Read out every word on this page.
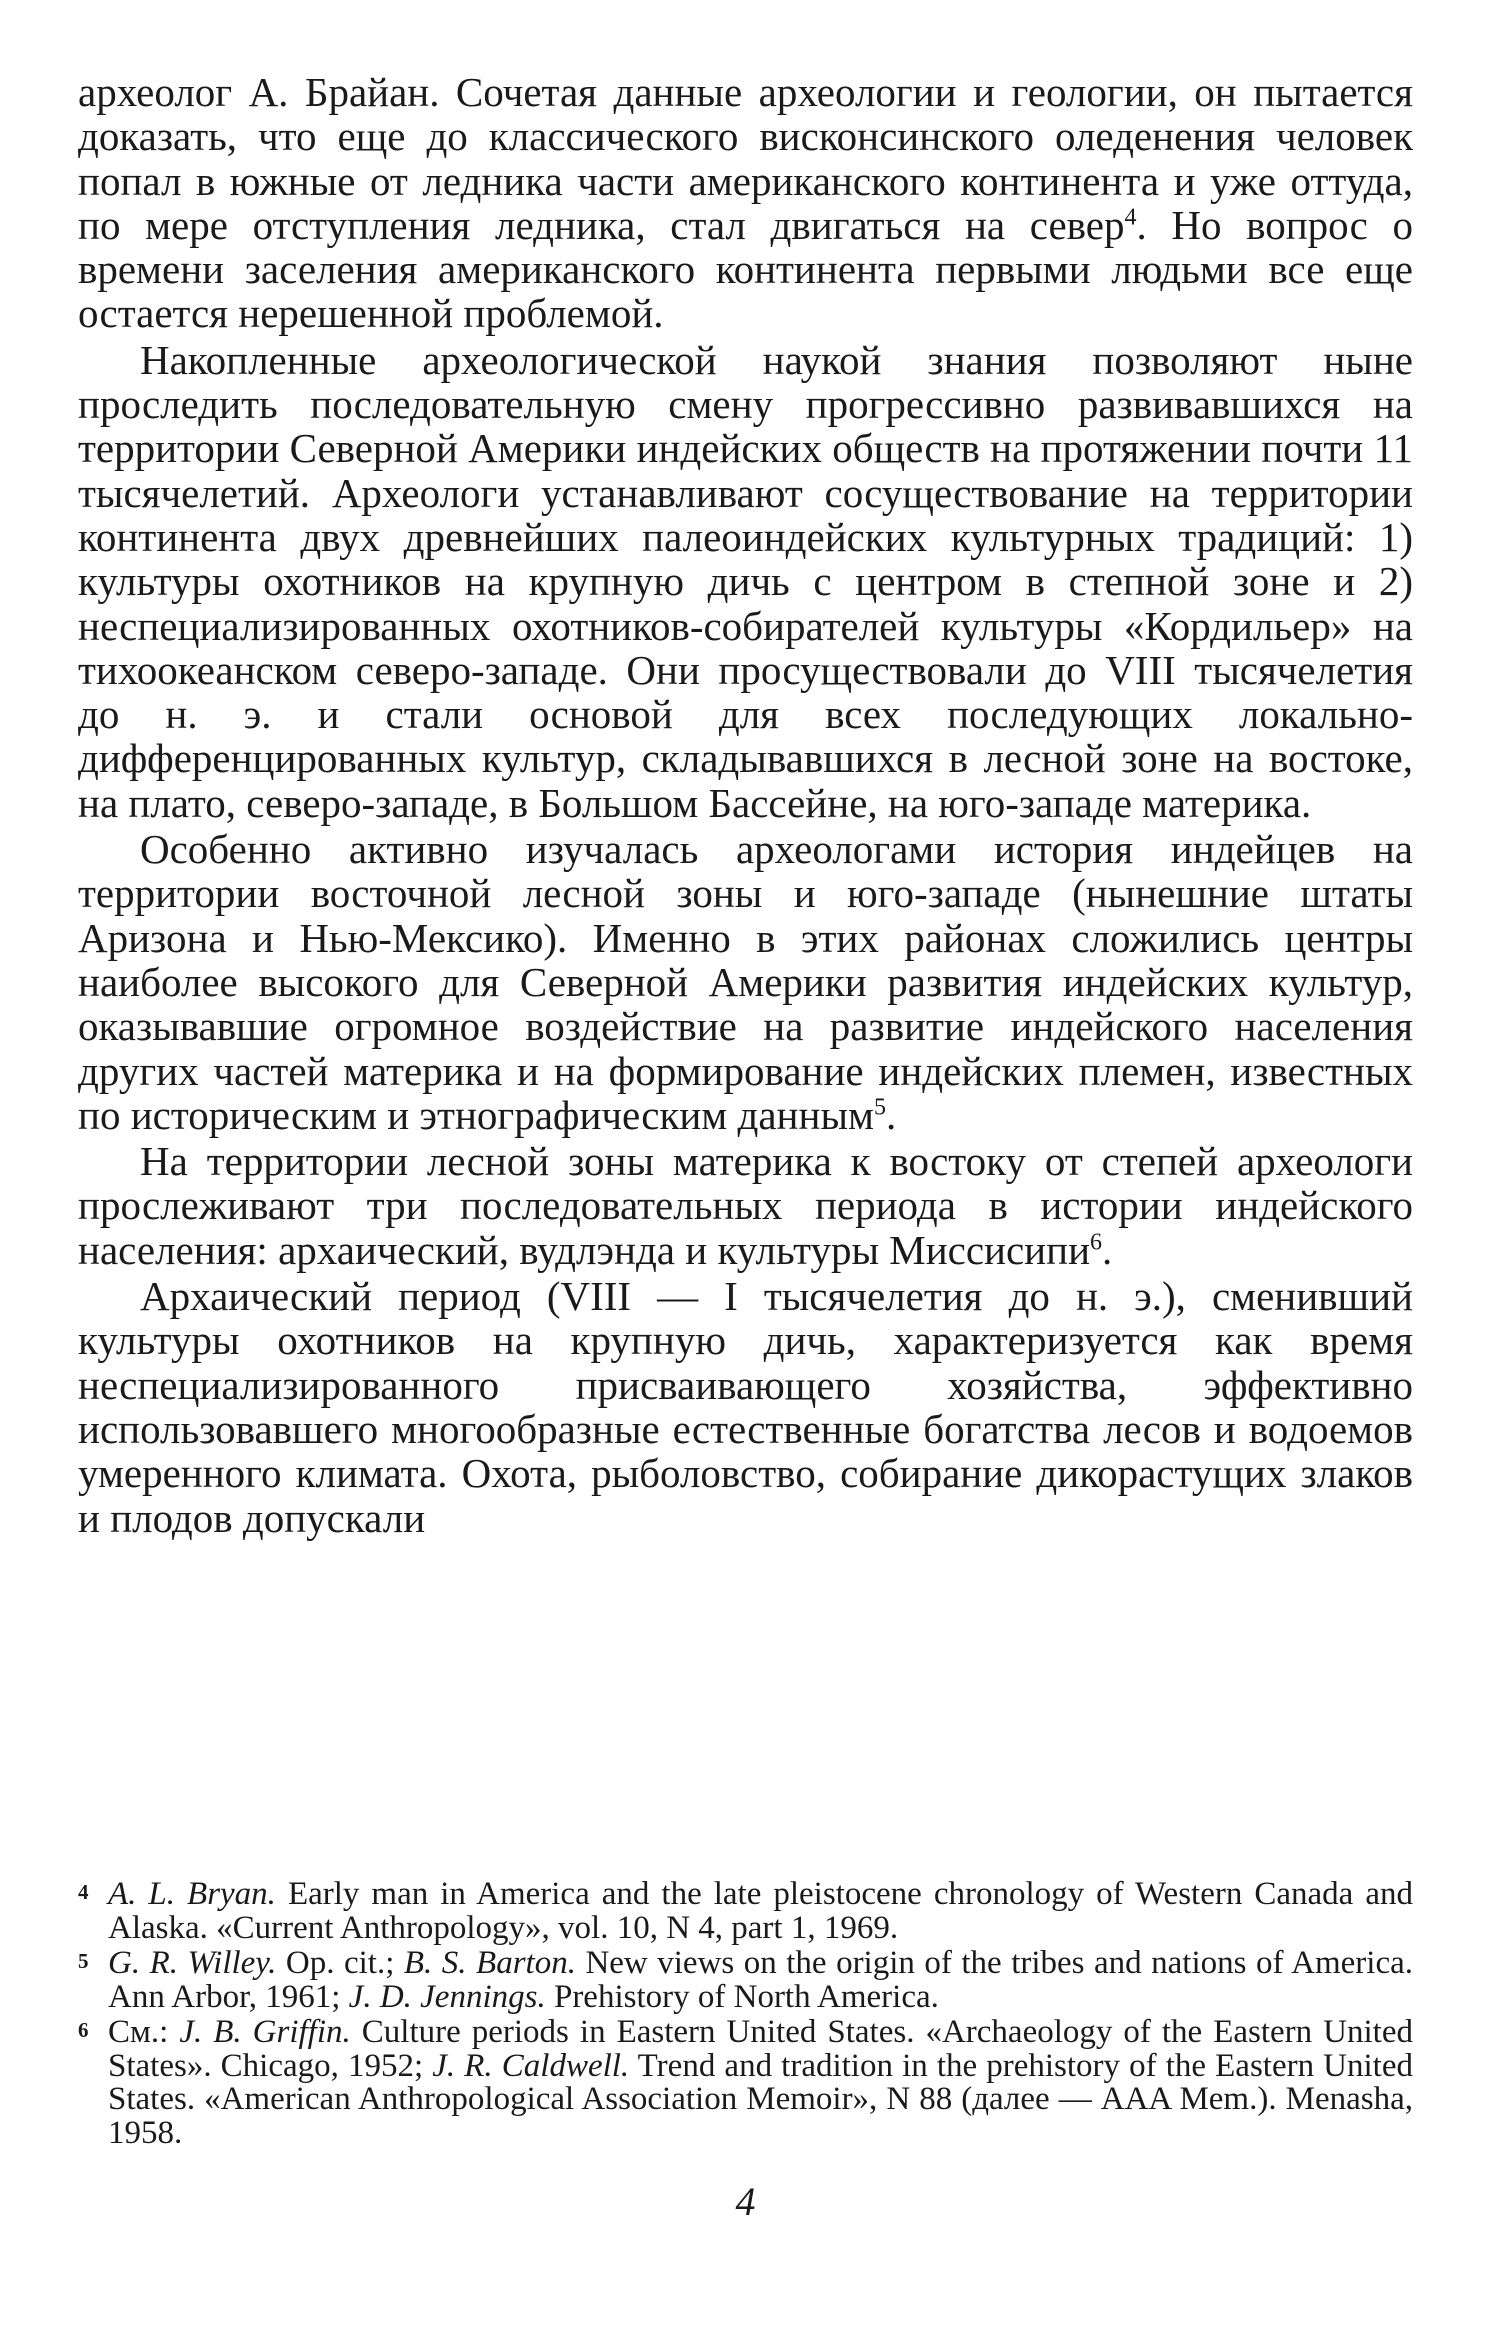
археолог А. Брайан. Сочетая данные археологии и геологии, он пытается доказать, что еще до классического висконсинского оледенения человек попал в южные от ледника части американского континента и уже оттуда, по мере отступления ледника, стал двигаться на север$^4$. Но вопрос о времени заселения американского континента первыми людьми все еще остается нерешенной проблемой.

Накопленные археологической наукой знания позволяют ныне проследить последовательную смену прогрессивно развивавшихся на территории Северной Америки индейских обществ на протяжении почти 11 тысячелетий. Археологи устанавливают сосуществование на территории континента двух древнейших палеоиндейских культурных традиций: 1) культуры охотников на крупную дичь с центром в степной зоне и 2) неспециализированных охотников-собирателей культуры «Кордильер» на тихоокеанском северо-западе. Они просуществовали до VIII тысячелетия до н. э. и стали основой для всех последующих локально-дифференцированных культур, складывавшихся в лесной зоне на востоке, на плато, северо-западе, в Большом Бассейне, на юго-западе материка.

Особенно активно изучалась археологами история индейцев на территории восточной лесной зоны и юго-западе (нынешние штаты Аризона и Нью-Мексико). Именно в этих районах сложились центры наиболее высокого для Северной Америки развития индейских культур, оказывавшие огромное воздействие на развитие индейского населения других частей материка и на формирование индейских племен, известных по историческим и этнографическим данным$^5$.

На территории лесной зоны материка к востоку от степей археологи прослеживают три последовательных периода в истории индейского населения: архаический, вудлэнда и культуры Миссисипи$^6$.

Архаический период (VIII — I тысячелетия до н. э.), сменивший культуры охотников на крупную дичь, характеризуется как время неспециализированного присваивающего хозяйства, эффективно использовавшего многообразные естественные богатства лесов и водоемов умеренного климата. Охота, рыболовство, собирание дикорастущих злаков и плодов допускали

4 A. L. Bryan. Early man in America and the late pleistocene chronology of Western Canada and Alaska. «Current Anthropology», vol. 10, N 4, part 1, 1969.
5 G. R. Willey. Op. cit.; B. S. Barton. New views on the origin of the tribes and nations of America. Ann Arbor, 1961; J. D. Jennings. Prehistory of North America.
6 См.: J. B. Griffin. Culture periods in Eastern United States. «Archaeology of the Eastern United States». Chicago, 1952; J. R. Caldwell. Trend and tradition in the prehistory of the Eastern United States. «American Anthropological Association Memoir», N 88 (далее — AAA Mem.). Menasha, 1958.
4
